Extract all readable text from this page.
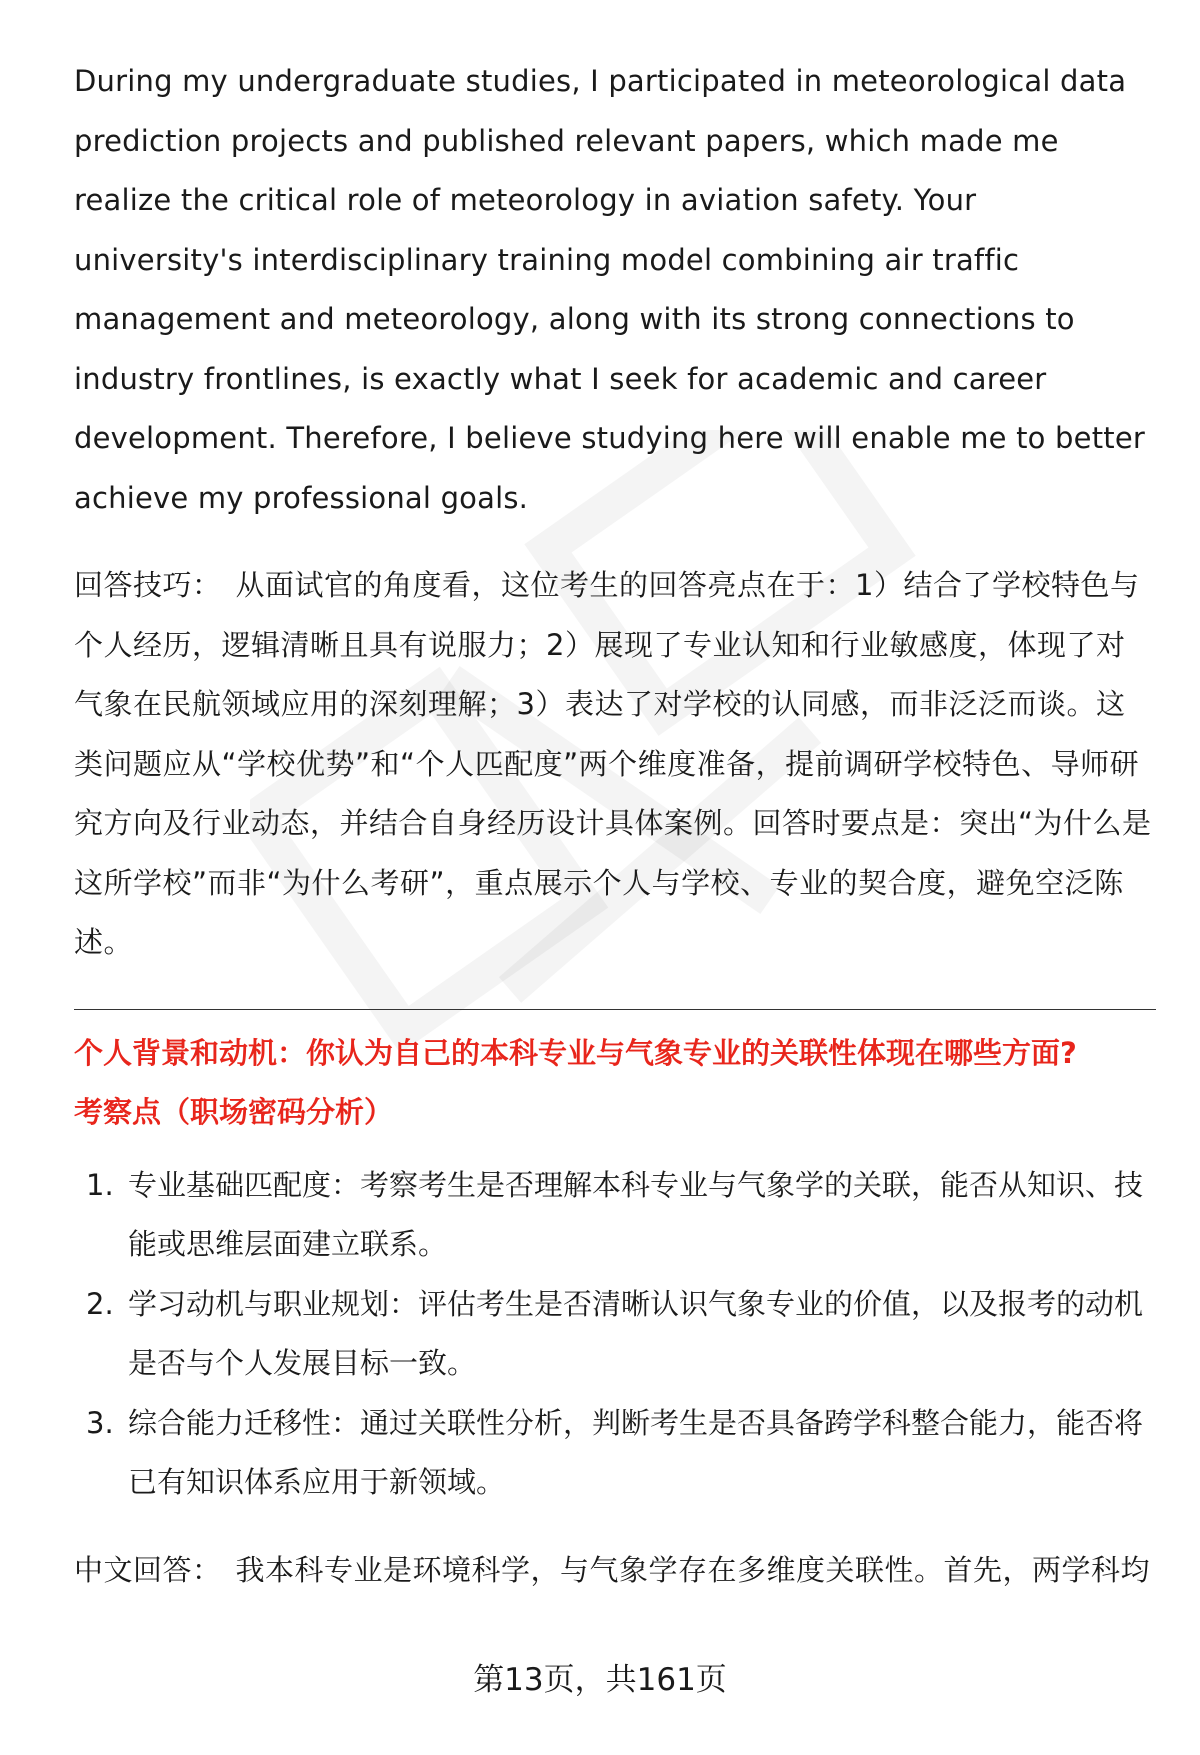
During my undergraduate studies, I participated in meteorological data prediction projects and published relevant papers, which made me realize the critical role of meteorology in aviation safety. Your university's interdisciplinary training model combining air traffic management and meteorology, along with its strong connections to industry frontlines, is exactly what I seek for academic and career development. Therefore, I believe studying here will enable me to better achieve my professional goals.

回答技巧： 从面试官的角度看，这位考生的回答亮点在于：1）结合了学校特色与个人经历，逻辑清晰且具有说服力；2）展现了专业认知和行业敏感度，体现了对气象在民航领域应用的深刻理解；3）表达了对学校的认同感，而非泛泛而谈。这类问题应从“学校优势”和“个人匹配度”两个维度准备，提前调研学校特色、导师研究方向及行业动态，并结合自身经历设计具体案例。回答时要点是：突出“为什么是这所学校”而非“为什么考研”，重点展示个人与学校、专业的契合度，避免空泛陈述。

个人背景和动机：你认为自己的本科专业与气象专业的关联性体现在哪些方面?

考察点（职场密码分析）

1. 专业基础匹配度：考察考生是否理解本科专业与气象学的关联，能否从知识、技能或思维层面建立联系。
2. 学习动机与职业规划：评估考生是否清晰认识气象专业的价值，以及报考的动机是否与个人发展目标一致。
3. 综合能力迁移性：通过关联性分析，判断考生是否具备跨学科整合能力，能否将已有知识体系应用于新领域。

中文回答： 我本科专业是环境科学，与气象学存在多维度关联性。首先，两学科均

第13页，共161页
